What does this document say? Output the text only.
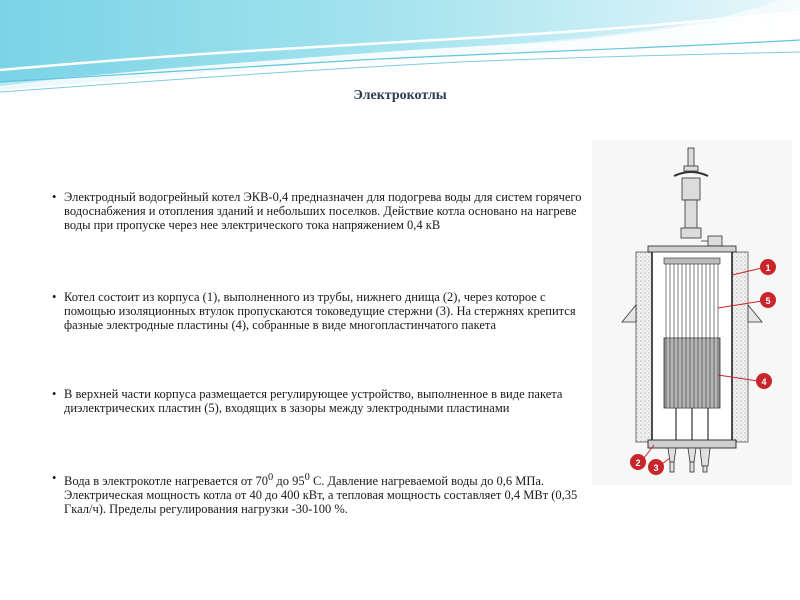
Электрокотлы
• Электродный водогрейный котел ЭКВ-0,4 предназначен для подогрева воды для систем горячего водоснабжения и отопления зданий и небольших поселков. Действие котла основано на нагреве воды при пропуске через нее электрического тока напряжением 0,4 кВ
• Котел состоит из корпуса (1), выполненного из трубы, нижнего днища (2), через которое с помощью изоляционных втулок пропускаются токоведущие стержни (3). На стержнях крепится фазные электродные пластины (4), собранные в виде многопластинчатого пакета
• В верхней части корпуса размещается регулирующее устройство, выполненное в виде пакета диэлектрических пластин (5), входящих в зазоры между электродными пластинами
• Вода в электрокотле нагревается от $70^0$ до $95^0$ С. Давление нагреваемой воды до 0,6 МПа. Электрическая мощность котла от 40 до 400 кВт, а тепловая мощность составляет 0,4 МВт (0,35 Гкал/ч). Пределы регулирования нагрузки -30-100 %.
1
5
4
2 3
